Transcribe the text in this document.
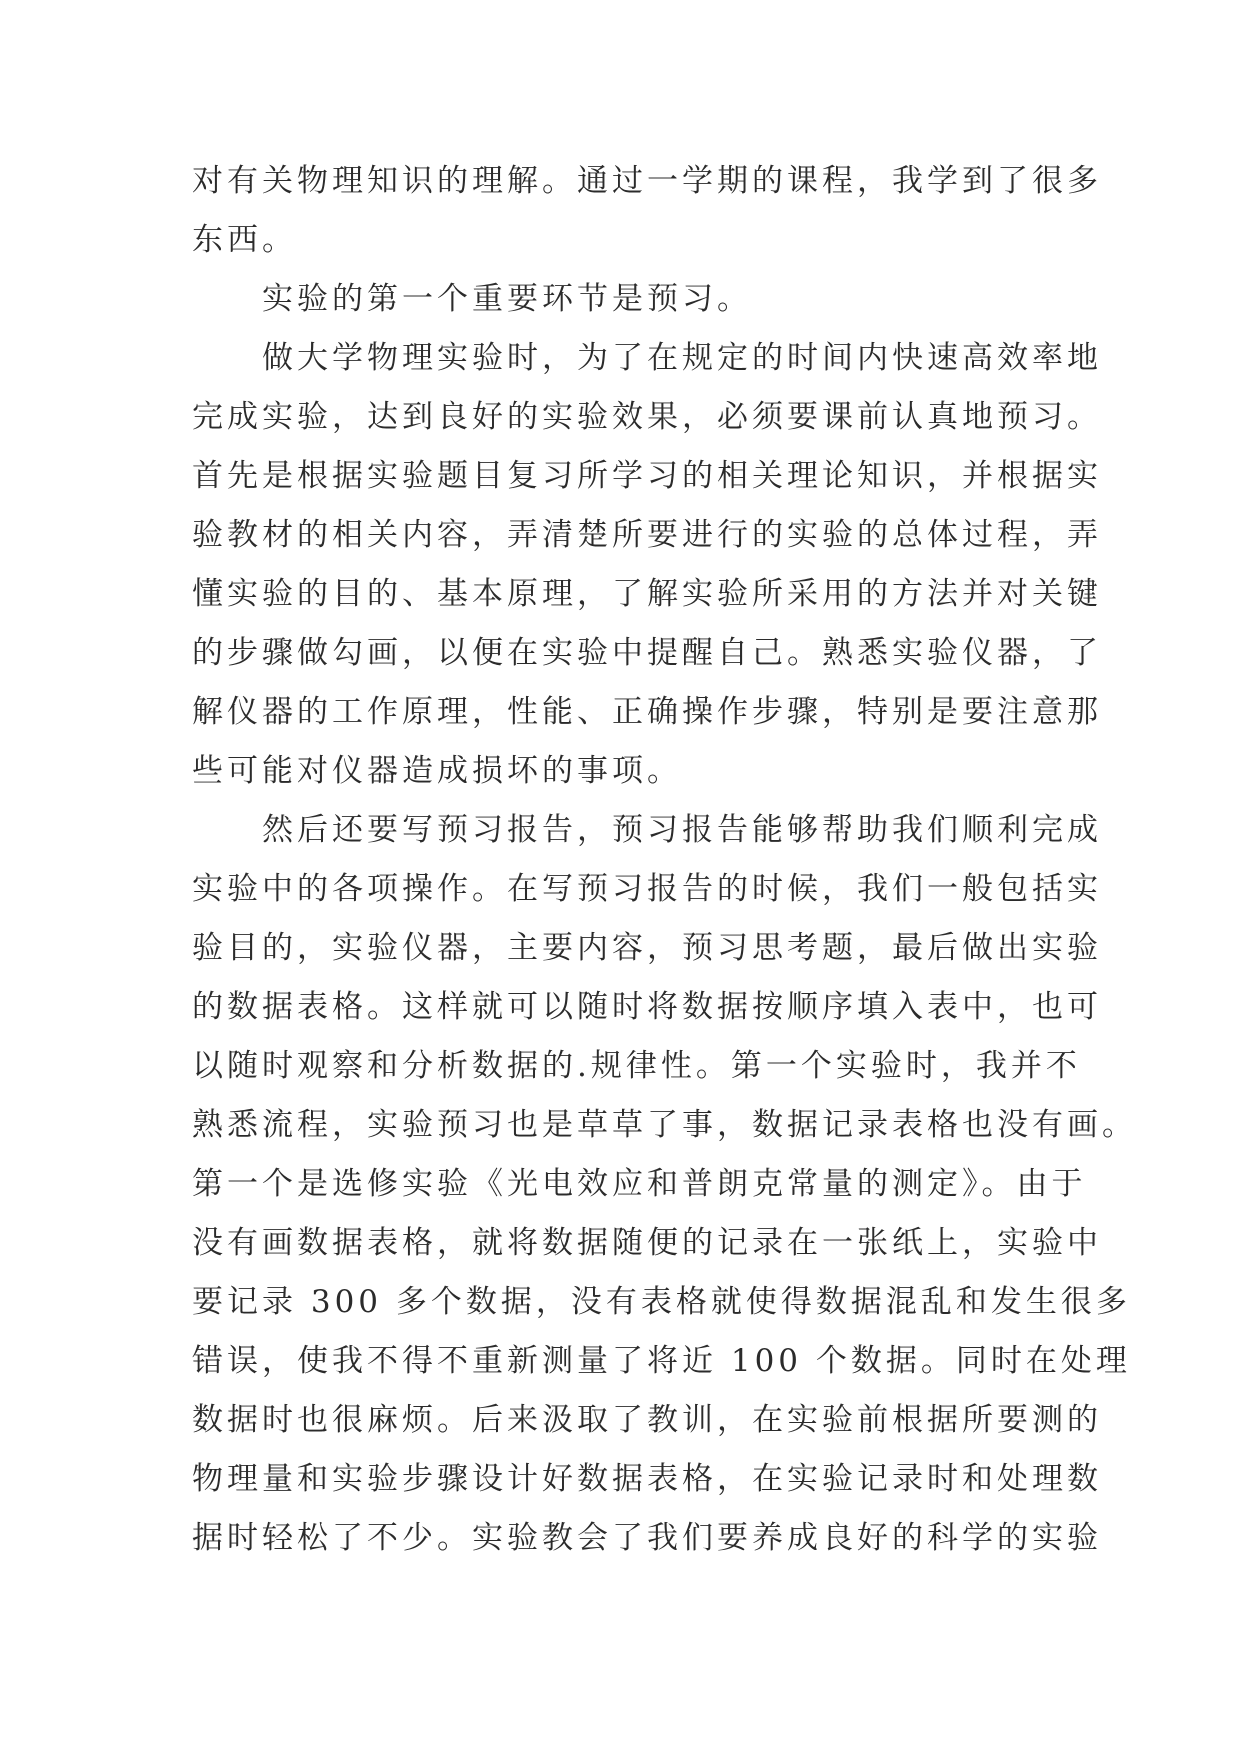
对有关物理知识的理解。通过一学期的课程，我学到了很多
东西。
实验的第一个重要环节是预习。
做大学物理实验时，为了在规定的时间内快速高效率地
完成实验，达到良好的实验效果，必须要课前认真地预习。
首先是根据实验题目复习所学习的相关理论知识，并根据实
验教材的相关内容，弄清楚所要进行的实验的总体过程，弄
懂实验的目的、基本原理，了解实验所采用的方法并对关键
的步骤做勾画，以便在实验中提醒自己。熟悉实验仪器，了
解仪器的工作原理，性能、正确操作步骤，特别是要注意那
些可能对仪器造成损坏的事项。
然后还要写预习报告，预习报告能够帮助我们顺利完成
实验中的各项操作。在写预习报告的时候，我们一般包括实
验目的，实验仪器，主要内容，预习思考题，最后做出实验
的数据表格。这样就可以随时将数据按顺序填入表中，也可
以随时观察和分析数据的.规律性。第一个实验时，我并不
熟悉流程，实验预习也是草草了事，数据记录表格也没有画。
第一个是选修实验《光电效应和普朗克常量的测定》。由于
没有画数据表格，就将数据随便的记录在一张纸上，实验中
要记录 300 多个数据，没有表格就使得数据混乱和发生很多
错误，使我不得不重新测量了将近 100 个数据。同时在处理
数据时也很麻烦。后来汲取了教训，在实验前根据所要测的
物理量和实验步骤设计好数据表格，在实验记录时和处理数
据时轻松了不少。实验教会了我们要养成良好的科学的实验
